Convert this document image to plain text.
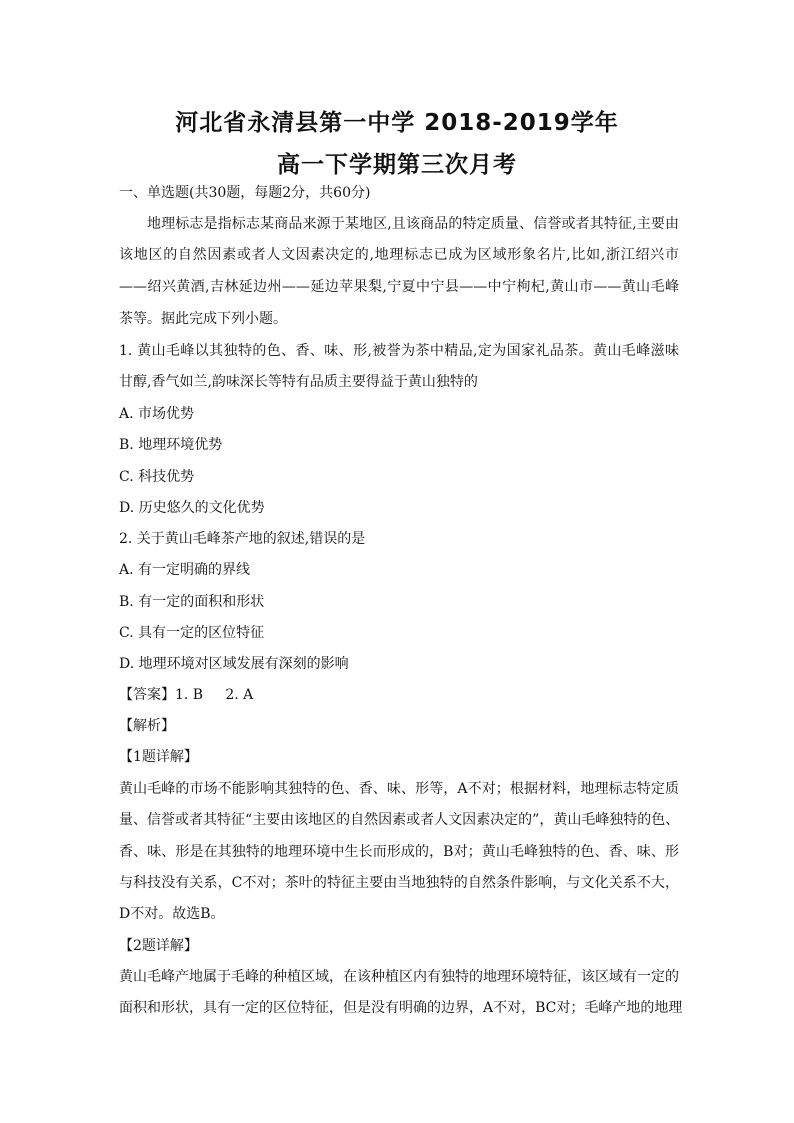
河北省永清县第一中学 2018-2019学年
高一下学期第三次月考
一、单选题(共30题，每题2分，共60分)
地理标志是指标志某商品来源于某地区,且该商品的特定质量、信誉或者其特征,主要由
该地区的自然因素或者人文因素决定的,地理标志已成为区域形象名片,比如,浙江绍兴市
——绍兴黄酒,吉林延边州——延边苹果梨,宁夏中宁县——中宁枸杞,黄山市——黄山毛峰
茶等。据此完成下列小题。
1. 黄山毛峰以其独特的色、香、味、形,被誉为茶中精品,定为国家礼品茶。黄山毛峰滋味
甘醇,香气如兰,韵味深长等特有品质主要得益于黄山独特的
A. 市场优势
B. 地理环境优势
C. 科技优势
D. 历史悠久的文化优势
2. 关于黄山毛峰茶产地的叙述,错误的是
A. 有一定明确的界线
B. 有一定的面积和形状
C. 具有一定的区位特征
D. 地理环境对区域发展有深刻的影响
【答案】1. B     2. A
【解析】
【1题详解】
黄山毛峰的市场不能影响其独特的色、香、味、形等，A不对；根据材料，地理标志特定质
量、信誉或者其特征“主要由该地区的自然因素或者人文因素决定的”，黄山毛峰独特的色、
香、味、形是在其独特的地理环境中生长而形成的，B对；黄山毛峰独特的色、香、味、形
与科技没有关系，C不对；茶叶的特征主要由当地独特的自然条件影响，与文化关系不大，
D不对。故选B。
【2题详解】
黄山毛峰产地属于毛峰的种植区域，在该种植区内有独特的地理环境特征，该区域有一定的
面积和形状，具有一定的区位特征，但是没有明确的边界，A不对，BC对；毛峰产地的地理
